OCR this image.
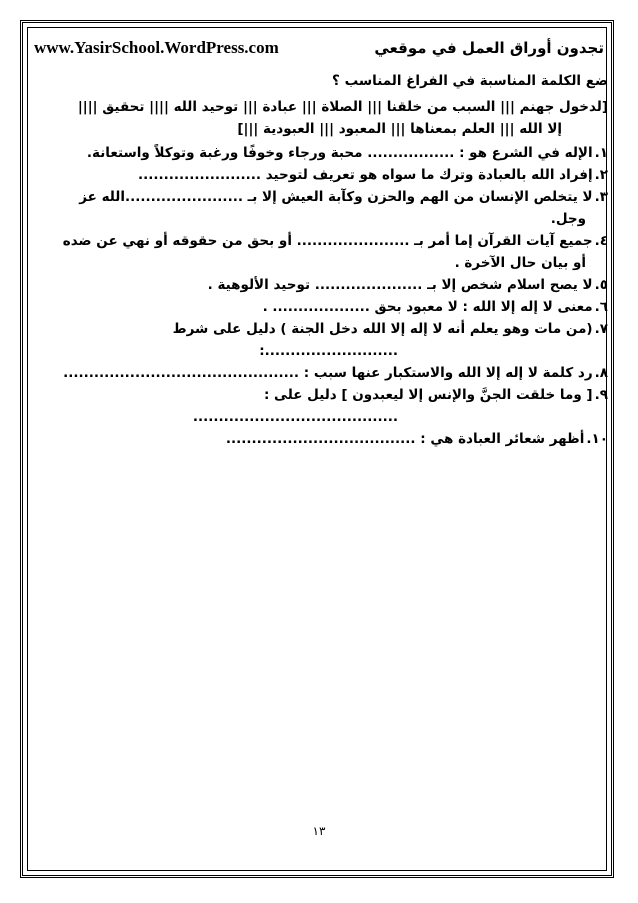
www.YasirSchool.WordPress.com	تجدون أوراق العمل في موقعي
ضع الكلمة المناسبة في الفراغ المناسب ؟
[لدخول جهنم ||| السبب من خلقنا ||| الصلاة ||| عبادة ||| توحيد الله |||| تحقيق ||||
إلا الله ||| العلم بمعناها ||| المعبود ||| العبودية |||]
١.الإله في الشرع هو : ................. محبة ورجاء وخوفًا ورغبة وتوكلاً واستعانة.
٢.إفراد الله بالعبادة وترك ما سواه هو تعريف لتوحيد ........................
٣.لا يتخلص الإنسان من الهم والحزن وكآبة العيش إلا بـ .......................الله عز
وجل.
٤.جميع آيات القرآن إما أمر بـ ...................... أو بحق من حقوقه أو نهي عن ضده
أو بيان حال الآخرة .
٥.لا يصح اسلام شخص إلا بـ ..................... توحيد الألوهية .
٦.معنى لا إله إلا الله : لا معبود بحق ................... .
٧.(من مات وهو يعلم أنه لا إله إلا الله دخل الجنة ) دليل على شرط
..........................:
٨.رد كلمة لا إله إلا الله والاستكبار عنها سبب : ..............................................
٩.[ وما خلقت الجنَّ والإنس إلا ليعبدون ] دليل على :
........................................
١٠.أظهر شعائر العبادة هي : .....................................
١٣
